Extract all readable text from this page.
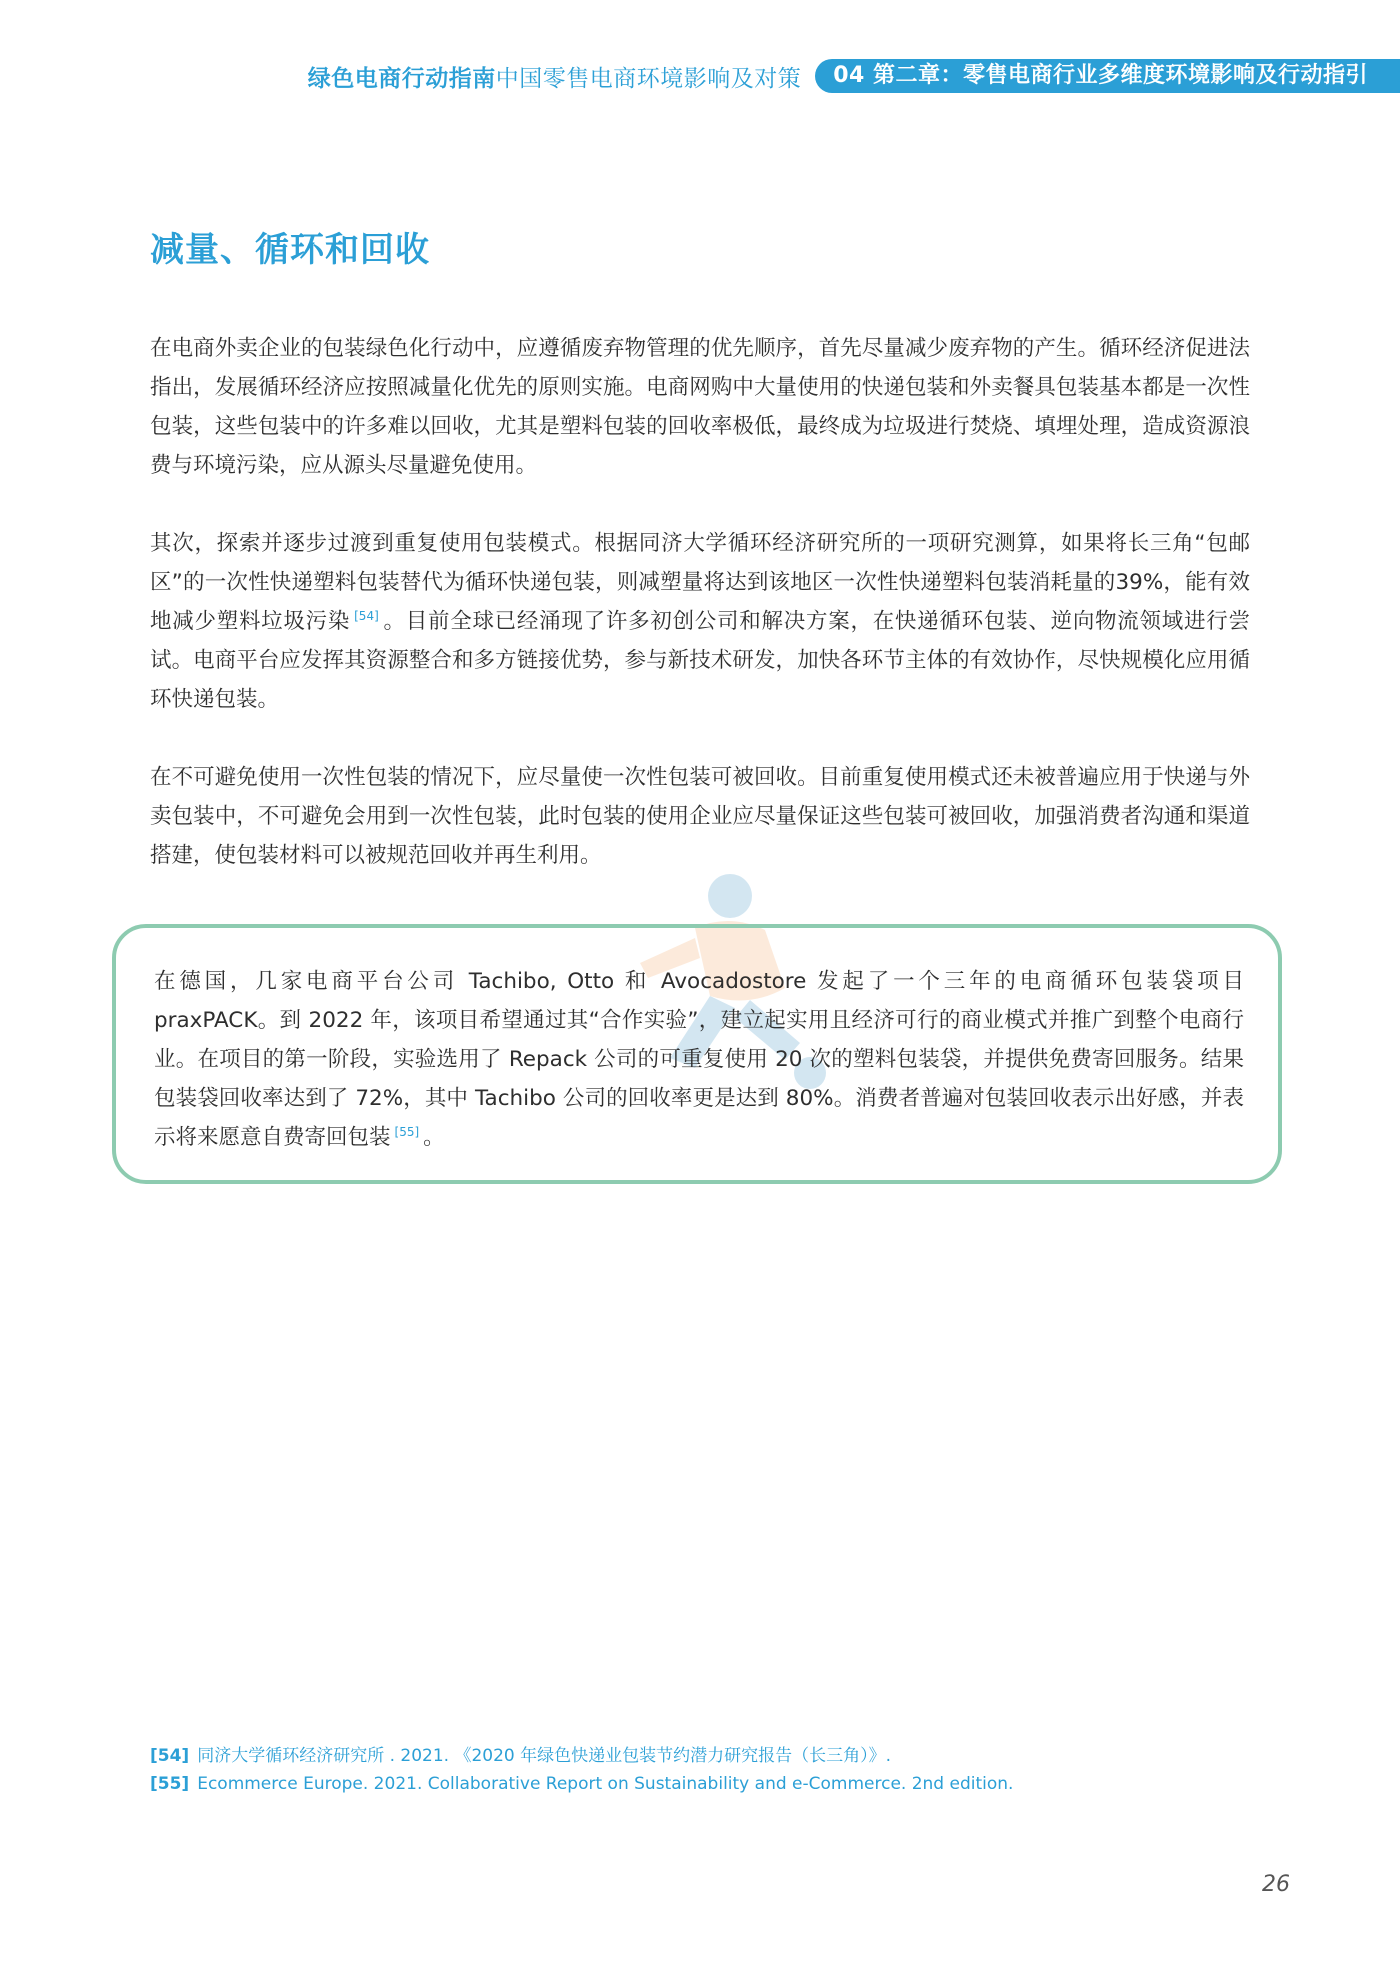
绿色电商行动指南 中国零售电商环境影响及对策	04 第二章：零售电商行业多维度环境影响及行动指引
减量、循环和回收

在电商外卖企业的包装绿色化行动中，应遵循废弃物管理的优先顺序，首先尽量减少废弃物的产生。循环经济促进法指出，发展循环经济应按照减量化优先的原则实施。电商网购中大量使用的快递包装和外卖餐具包装基本都是一次性包装，这些包装中的许多难以回收，尤其是塑料包装的回收率极低，最终成为垃圾进行焚烧、填埋处理，造成资源浪费与环境污染，应从源头尽量避免使用。

其次，探索并逐步过渡到重复使用包装模式。根据同济大学循环经济研究所的一项研究测算，如果将长三角“包邮区”的一次性快递塑料包装替代为循环快递包装，则减塑量将达到该地区一次性快递塑料包装消耗量的39%，能有效地减少塑料垃圾污染 [54] 。目前全球已经涌现了许多初创公司和解决方案，在快递循环包装、逆向物流领域进行尝试。电商平台应发挥其资源整合和多方链接优势，参与新技术研发，加快各环节主体的有效协作，尽快规模化应用循环快递包装。

在不可避免使用一次性包装的情况下，应尽量使一次性包装可被回收。目前重复使用模式还未被普遍应用于快递与外卖包装中，不可避免会用到一次性包装，此时包装的使用企业应尽量保证这些包装可被回收，加强消费者沟通和渠道搭建，使包装材料可以被规范回收并再生利用。

在德国，几家电商平台公司 Tachibo, Otto 和 Avocadostore 发起了一个三年的电商循环包装袋项目 praxPACK。到 2022 年，该项目希望通过其“合作实验”，建立起实用且经济可行的商业模式并推广到整个电商行业。在项目的第一阶段，实验选用了 Repack 公司的可重复使用 20 次的塑料包装袋，并提供免费寄回服务。结果包装袋回收率达到了 72%，其中 Tachibo 公司的回收率更是达到 80%。消费者普遍对包装回收表示出好感，并表示将来愿意自费寄回包装 [55] 。

[54] 同济大学循环经济研究所 . 2021. 《2020 年绿色快递业包装节约潜力研究报告（长三角）》.
[55] Ecommerce Europe. 2021. Collaborative Report on Sustainability and e-Commerce. 2nd edition.
26
